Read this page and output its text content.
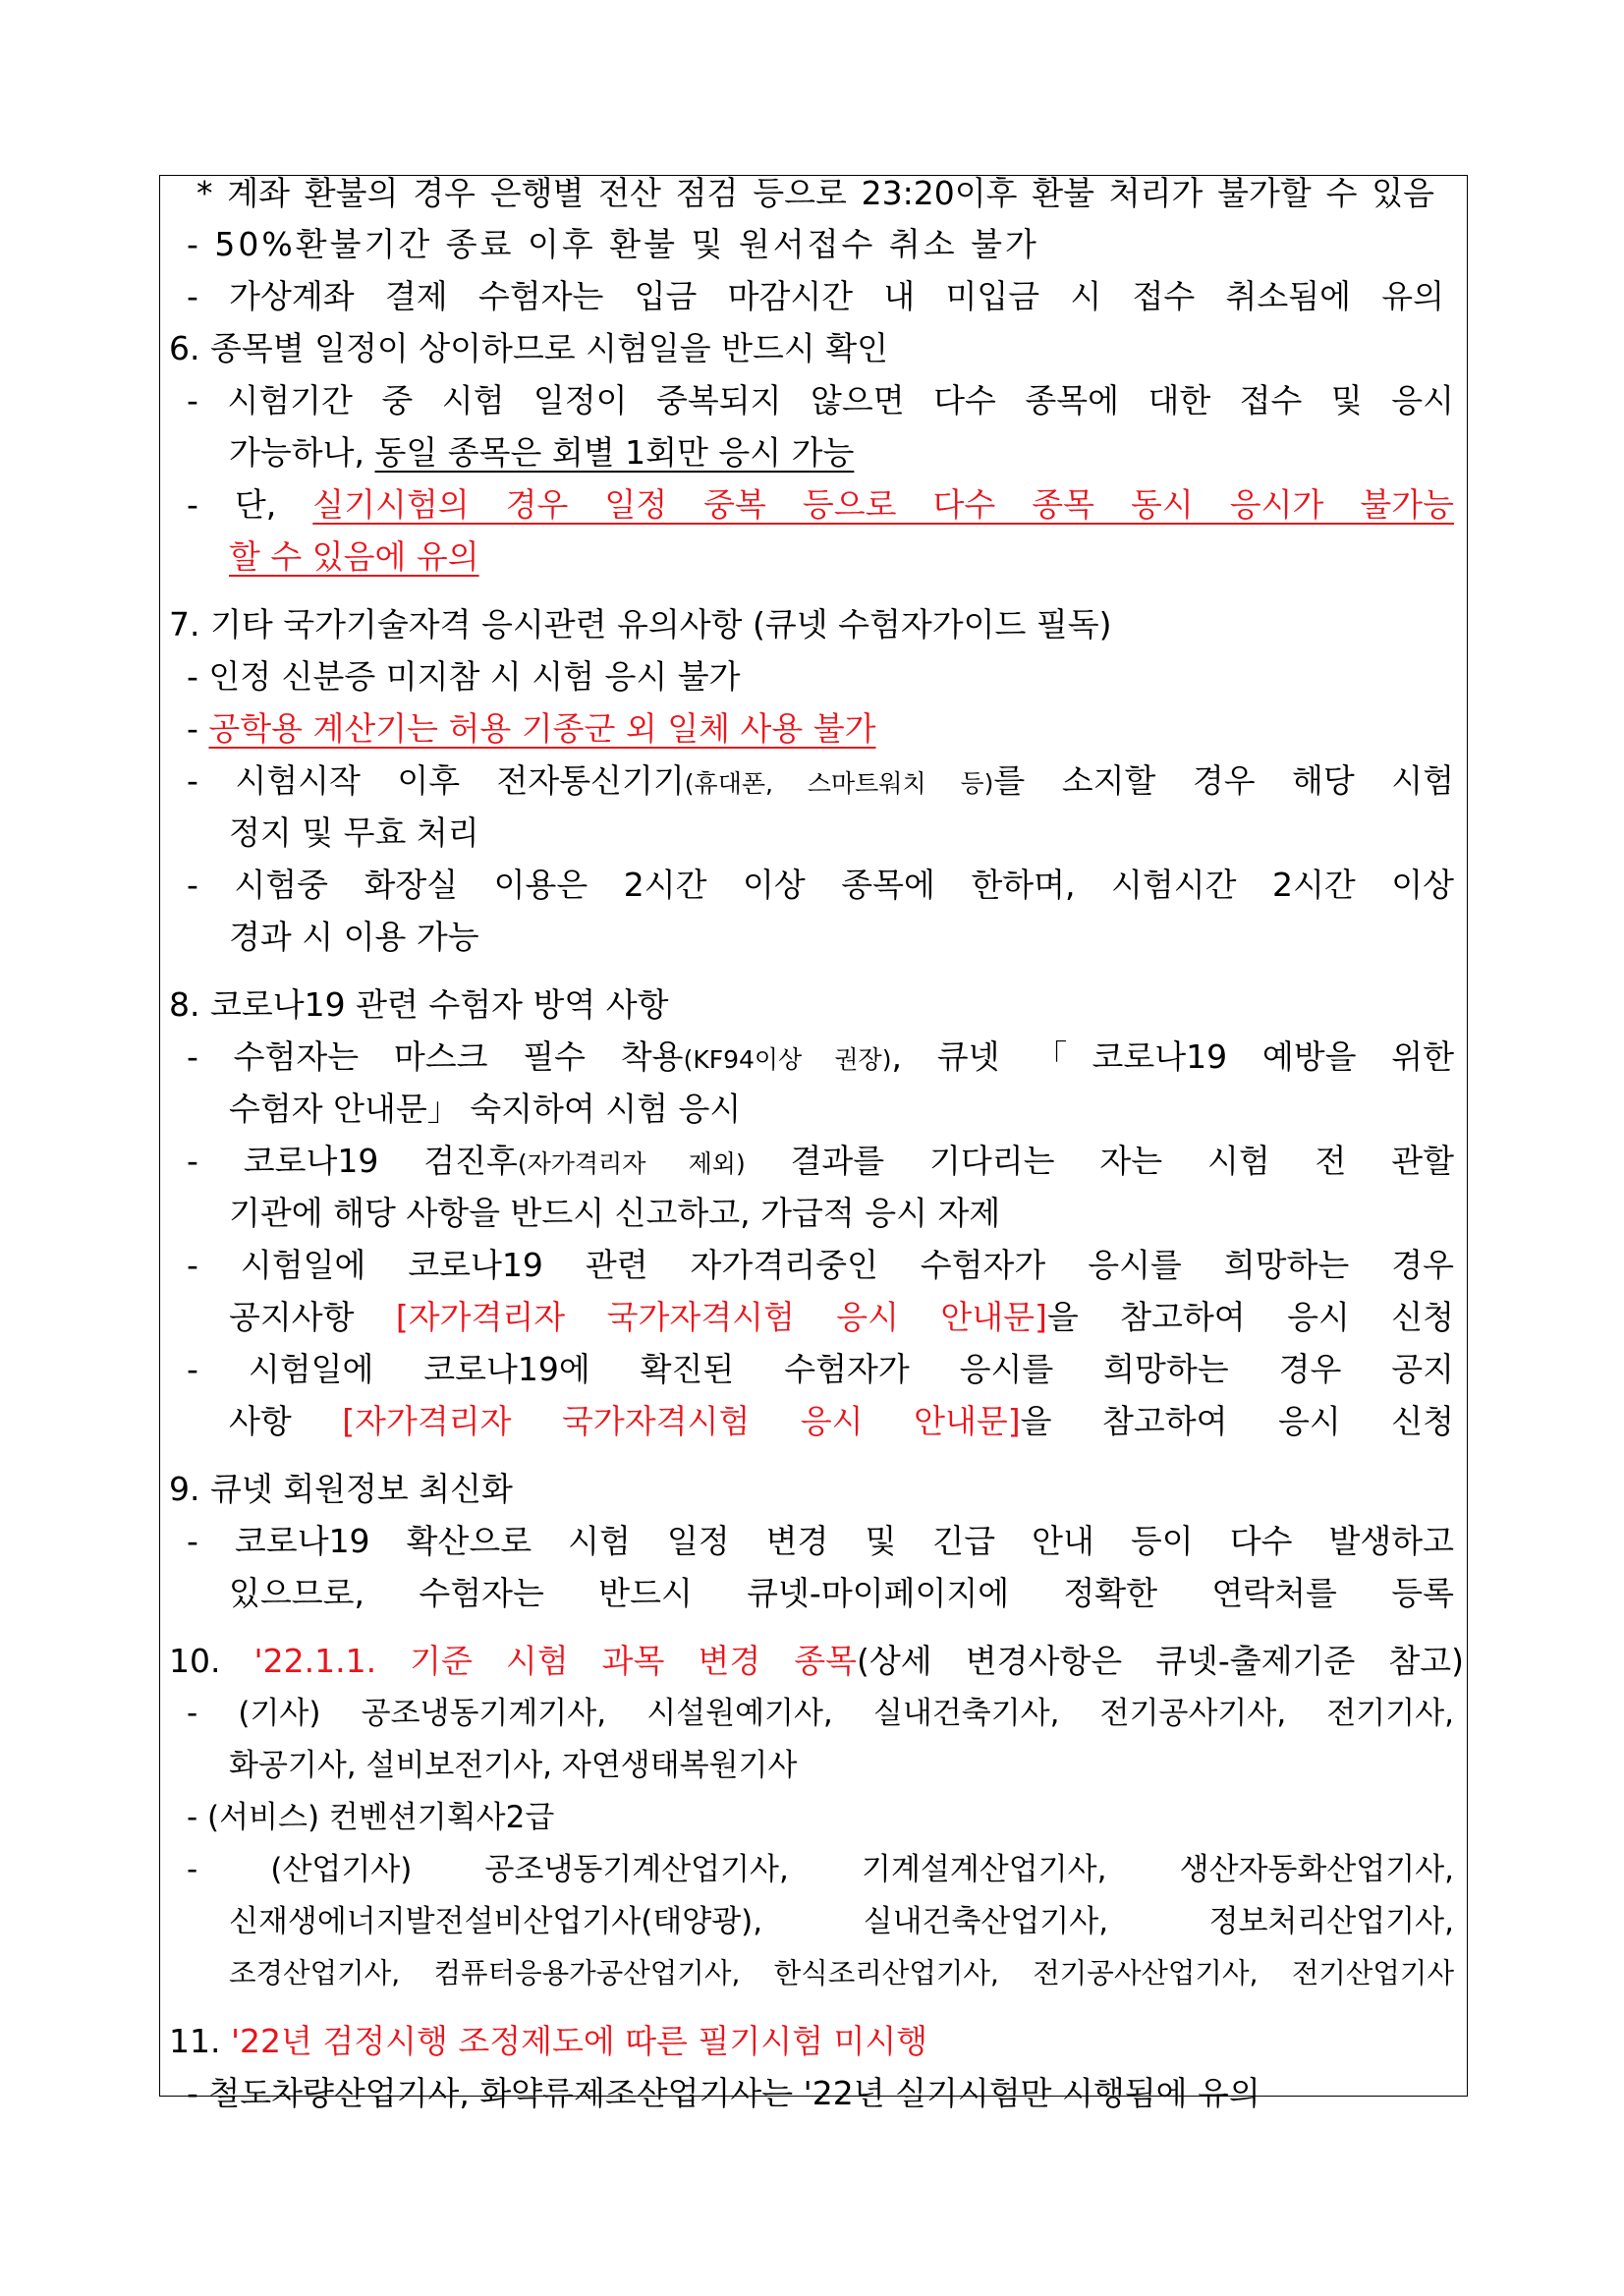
* 계좌 환불의 경우 은행별 전산 점검 등으로 23:20이후 환불 처리가 불가할 수 있음
- 50%환불기간 종료 이후 환불 및 원서접수 취소 불가
- 가상계좌 결제 수험자는 입금 마감시간 내 미입금 시 접수 취소됨에 유의
6. 종목별 일정이 상이하므로 시험일을 반드시 확인
- 시험기간 중 시험 일정이 중복되지 않으면 다수 종목에 대한 접수 및 응시
가능하나, 동일 종목은 회별 1회만 응시 가능
- 단, 실기시험의 경우 일정 중복 등으로 다수 종목 동시 응시가 불가능
할 수 있음에 유의
7. 기타 국가기술자격 응시관련 유의사항 (큐넷 수험자가이드 필독)
- 인정 신분증 미지참 시 시험 응시 불가
- 공학용 계산기는 허용 기종군 외 일체 사용 불가
- 시험시작 이후 전자통신기기(휴대폰, 스마트워치 등)를 소지할 경우 해당 시험
정지 및 무효 처리
- 시험중 화장실 이용은 2시간 이상 종목에 한하며, 시험시간 2시간 이상
경과 시 이용 가능
8. 코로나19 관련 수험자 방역 사항
- 수험자는 마스크 필수 착용(KF94이상 권장), 큐넷 「코로나19 예방을 위한
수험자 안내문」 숙지하여 시험 응시
- 코로나19 검진후(자가격리자 제외) 결과를 기다리는 자는 시험 전 관할
기관에 해당 사항을 반드시 신고하고, 가급적 응시 자제
- 시험일에 코로나19 관련 자가격리중인 수험자가 응시를 희망하는 경우
공지사항 [자가격리자 국가자격시험 응시 안내문]을 참고하여 응시 신청
- 시험일에 코로나19에 확진된 수험자가 응시를 희망하는 경우 공지
사항 [자가격리자 국가자격시험 응시 안내문]을 참고하여 응시 신청
9. 큐넷 회원정보 최신화
- 코로나19 확산으로 시험 일정 변경 및 긴급 안내 등이 다수 발생하고
있으므로, 수험자는 반드시 큐넷-마이페이지에 정확한 연락처를 등록
10. '22.1.1. 기준 시험 과목 변경 종목(상세 변경사항은 큐넷-출제기준 참고)
- (기사) 공조냉동기계기사, 시설원예기사, 실내건축기사, 전기공사기사, 전기기사,
화공기사, 설비보전기사, 자연생태복원기사
- (서비스) 컨벤션기획사2급
- (산업기사) 공조냉동기계산업기사, 기계설계산업기사, 생산자동화산업기사,
신재생에너지발전설비산업기사(태양광), 실내건축산업기사, 정보처리산업기사,
조경산업기사, 컴퓨터응용가공산업기사, 한식조리산업기사, 전기공사산업기사, 전기산업기사
11. '22년 검정시행 조정제도에 따른 필기시험 미시행
- 철도차량산업기사, 화약류제조산업기사는 '22년 실기시험만 시행됨에 유의
